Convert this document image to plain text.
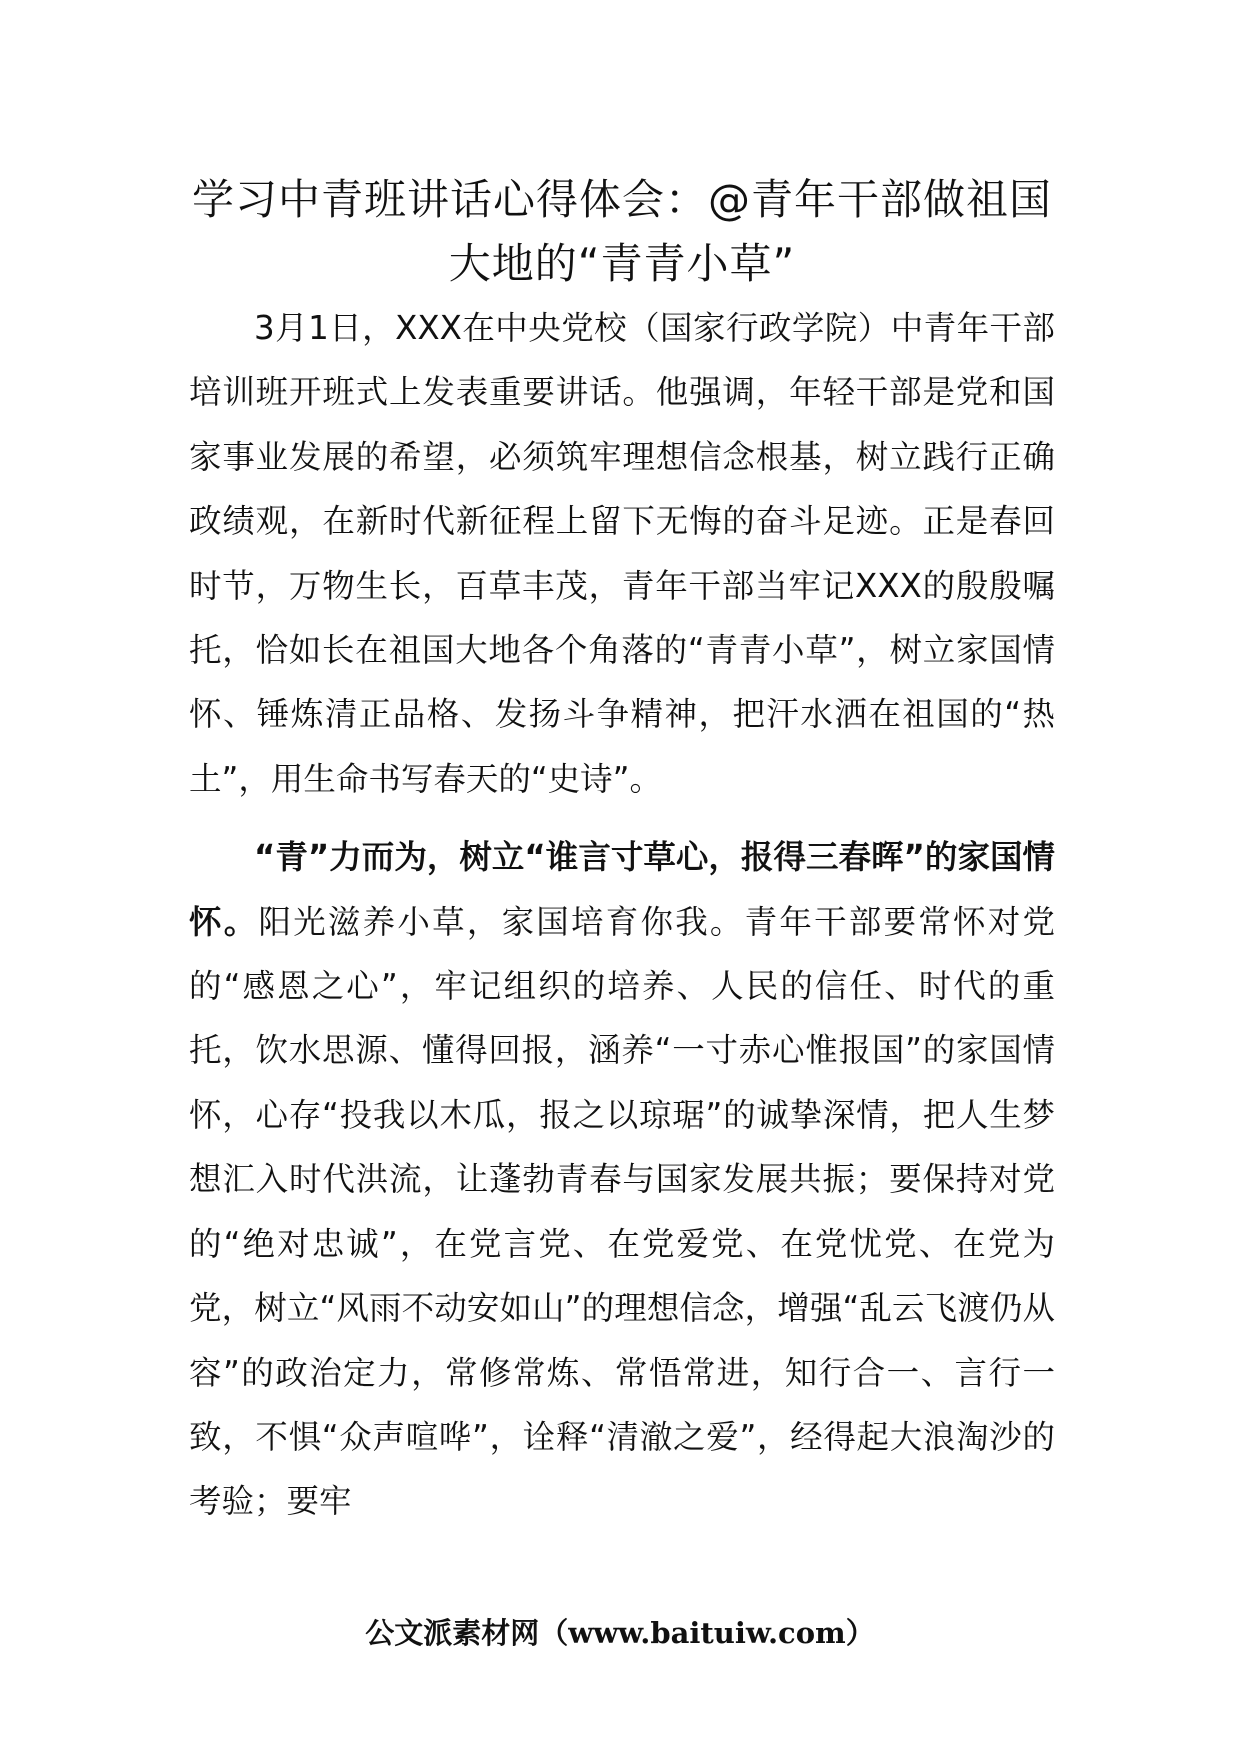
学习中青班讲话心得体会：@青年干部做祖国大地的“青青小草”

3月1日，XXX在中央党校（国家行政学院）中青年干部培训班开班式上发表重要讲话。他强调，年轻干部是党和国家事业发展的希望，必须筑牢理想信念根基，树立践行正确政绩观，在新时代新征程上留下无悔的奋斗足迹。正是春回时节，万物生长，百草丰茂，青年干部当牢记XXX的殷殷嘱托，恰如长在祖国大地各个角落的“青青小草”，树立家国情怀、锤炼清正品格、发扬斗争精神，把汗水洒在祖国的“热土”，用生命书写春天的“史诗”。

“青”力而为，树立“谁言寸草心，报得三春晖”的家国情怀。阳光滋养小草，家国培育你我。青年干部要常怀对党的“感恩之心”，牢记组织的培养、人民的信任、时代的重托，饮水思源、懂得回报，涵养“一寸赤心惟报国”的家国情怀，心存“投我以木瓜，报之以琼琚”的诚挚深情，把人生梦想汇入时代洪流，让蓬勃青春与国家发展共振；要保持对党的“绝对忠诚”，在党言党、在党爱党、在党忧党、在党为党，树立“风雨不动安如山”的理想信念，增强“乱云飞渡仍从容”的政治定力，常修常炼、常悟常进，知行合一、言行一致，不惧“众声喧哗”，诠释“清澈之爱”，经得起大浪淘沙的考验；要牢

公文派素材网（www.baituiw.com）
